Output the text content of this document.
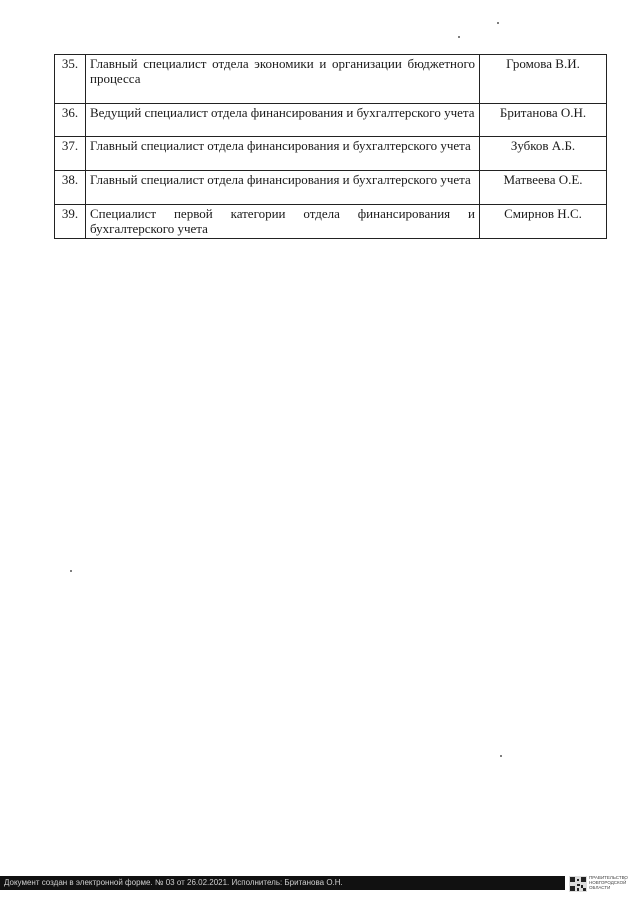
35.	Главный специалист отдела экономики и организации бюджетного процесса	Громова В.И.
36.	Ведущий специалист отдела финансирования и бухгалтерского учета	Британова О.Н.
37.	Главный специалист отдела финансирования и бухгалтерского учета	Зубков А.Б.
38.	Главный специалист отдела финансирования и бухгалтерского учета	Матвеева О.Е.
39.	Специалист первой категории отдела финансирования и бухгалтерского учета	Смирнов Н.С.
Документ создан в электронной форме. № 03 от 26.02.2021. Исполнитель: Британова О.Н.
ПРАВИТЕЛЬСТВО НОВГОРОДСКОЙ ОБЛАСТИ
